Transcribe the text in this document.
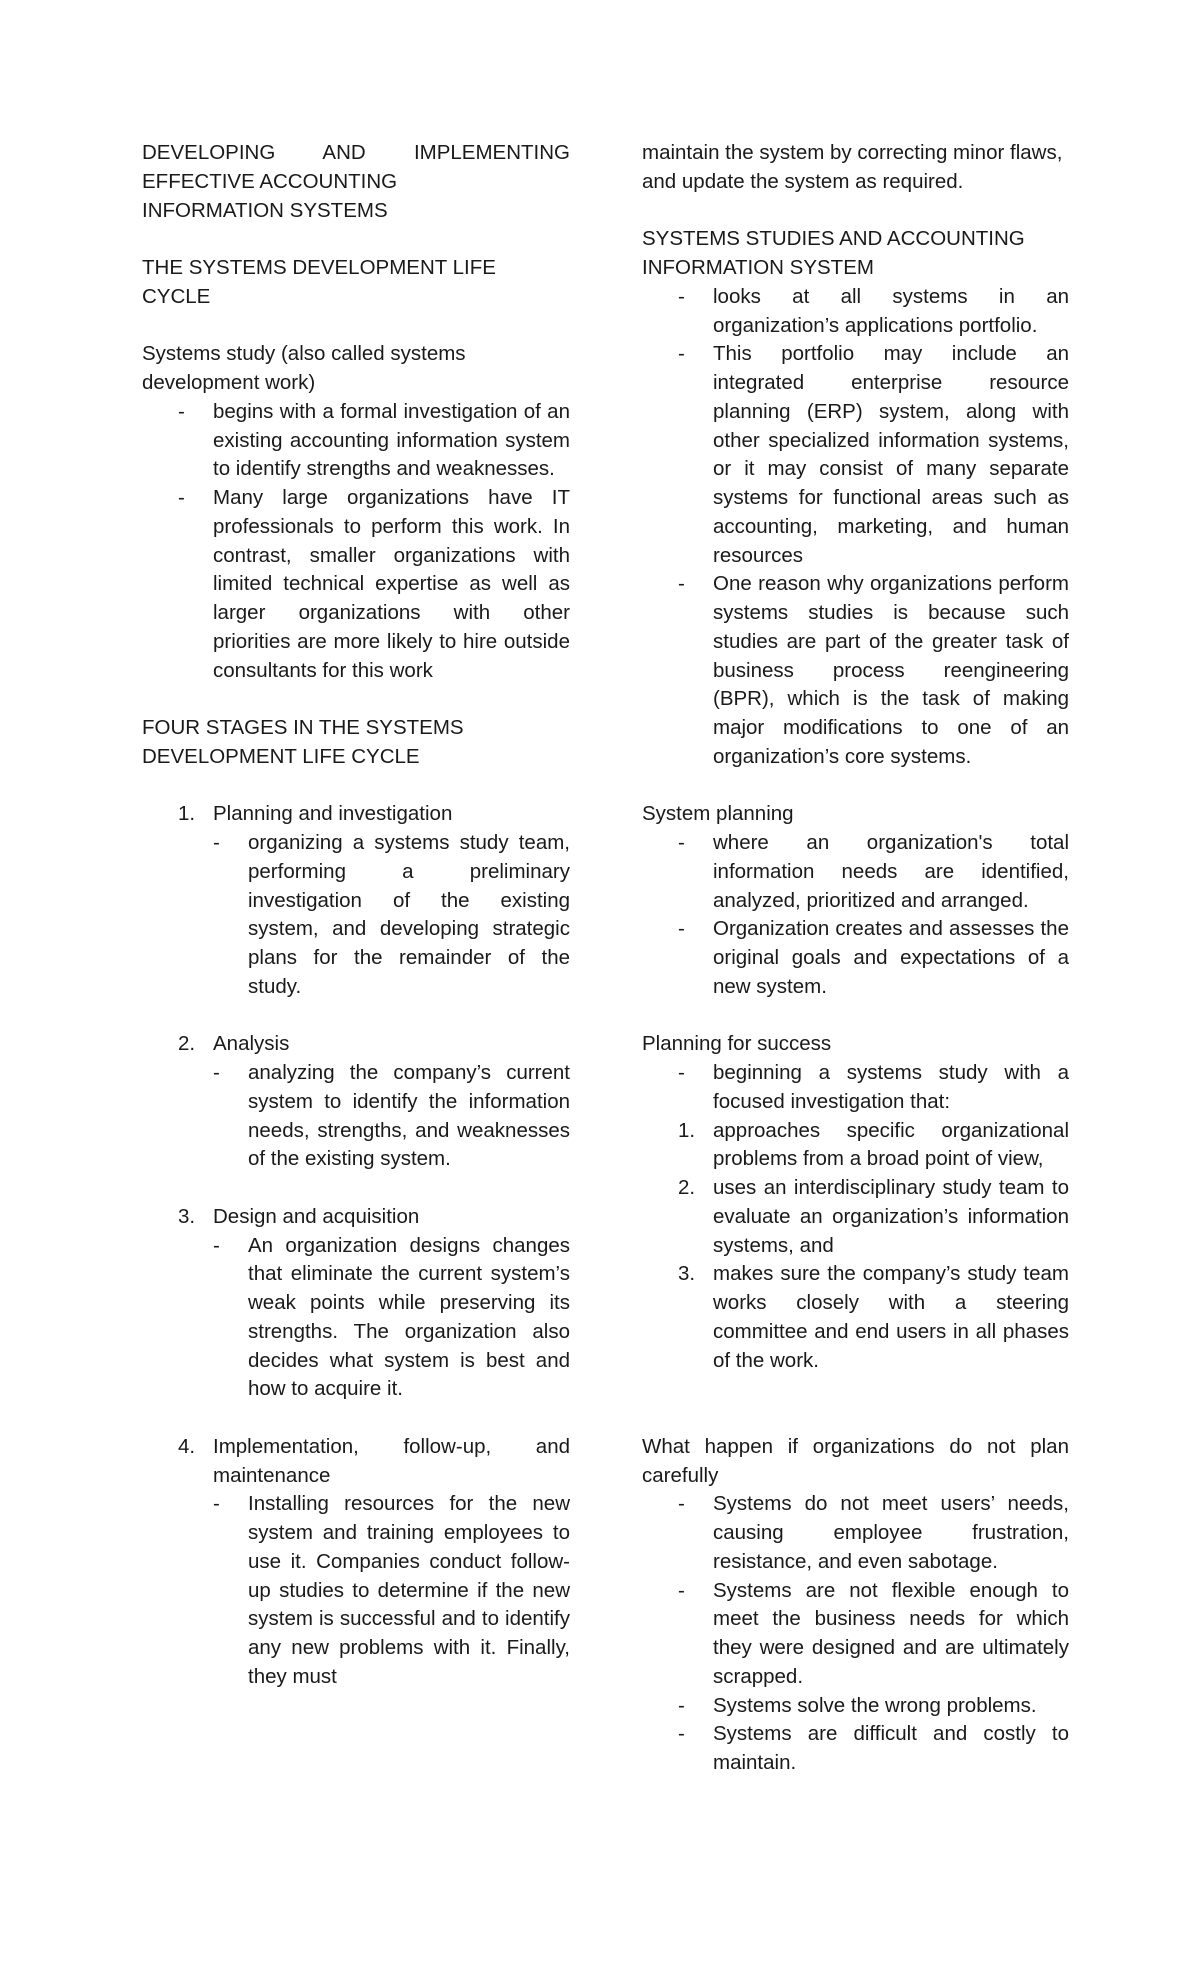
DEVELOPING AND IMPLEMENTING EFFECTIVE ACCOUNTING

INFORMATION SYSTEMS

THE SYSTEMS DEVELOPMENT LIFE

CYCLE

Systems study (also called systems development work)

- begins with a formal investigation of an existing accounting information system to identify strengths and weaknesses.
- Many large organizations have IT professionals to perform this work. In contrast, smaller organizations with limited technical expertise as well as larger organizations with other priorities are more likely to hire outside consultants for this work

FOUR STAGES IN THE SYSTEMS DEVELOPMENT LIFE CYCLE

1. Planning and investigation
- organizing a systems study team, performing a preliminary investigation of the existing system, and developing strategic plans for the remainder of the study.
2. Analysis
- analyzing the company’s current system to identify the information needs, strengths, and weaknesses of the existing system.
3. Design and acquisition
- An organization designs changes that eliminate the current system’s weak points while preserving its strengths. The organization also decides what system is best and how to acquire it.
4. Implementation, follow-up, and
maintenance
- Installing resources for the new system and training employees to use it. Companies conduct follow-up studies to determine if the new system is successful and to identify any new problems with it. Finally, they must

maintain the system by correcting minor flaws, and update the system as required.

SYSTEMS STUDIES AND ACCOUNTING

INFORMATION SYSTEM

- looks at all systems in an organization’s applications portfolio.
- This portfolio may include an integrated enterprise resource planning (ERP) system, along with other specialized information systems, or it may consist of many separate systems for functional areas such as accounting, marketing, and human resources
- One reason why organizations perform systems studies is because such studies are part of the greater task of business process reengineering (BPR), which is the task of making major modifications to one of an organization’s core systems.

System planning

- where an organization's total information needs are identified, analyzed, prioritized and arranged.
- Organization creates and assesses the original goals and expectations of a new system.

Planning for success

- beginning a systems study with a focused investigation that:
1. approaches specific organizational problems from a broad point of view,
2. uses an interdisciplinary study team to evaluate an organization’s information systems, and
3. makes sure the company’s study team works closely with a steering committee and end users in all phases of the work.

What happen if organizations do not plan carefully

- Systems do not meet users’ needs, causing employee frustration, resistance, and even sabotage.
- Systems are not flexible enough to meet the business needs for which they were designed and are ultimately scrapped.
- Systems solve the wrong problems.
- Systems are difficult and costly to maintain.
